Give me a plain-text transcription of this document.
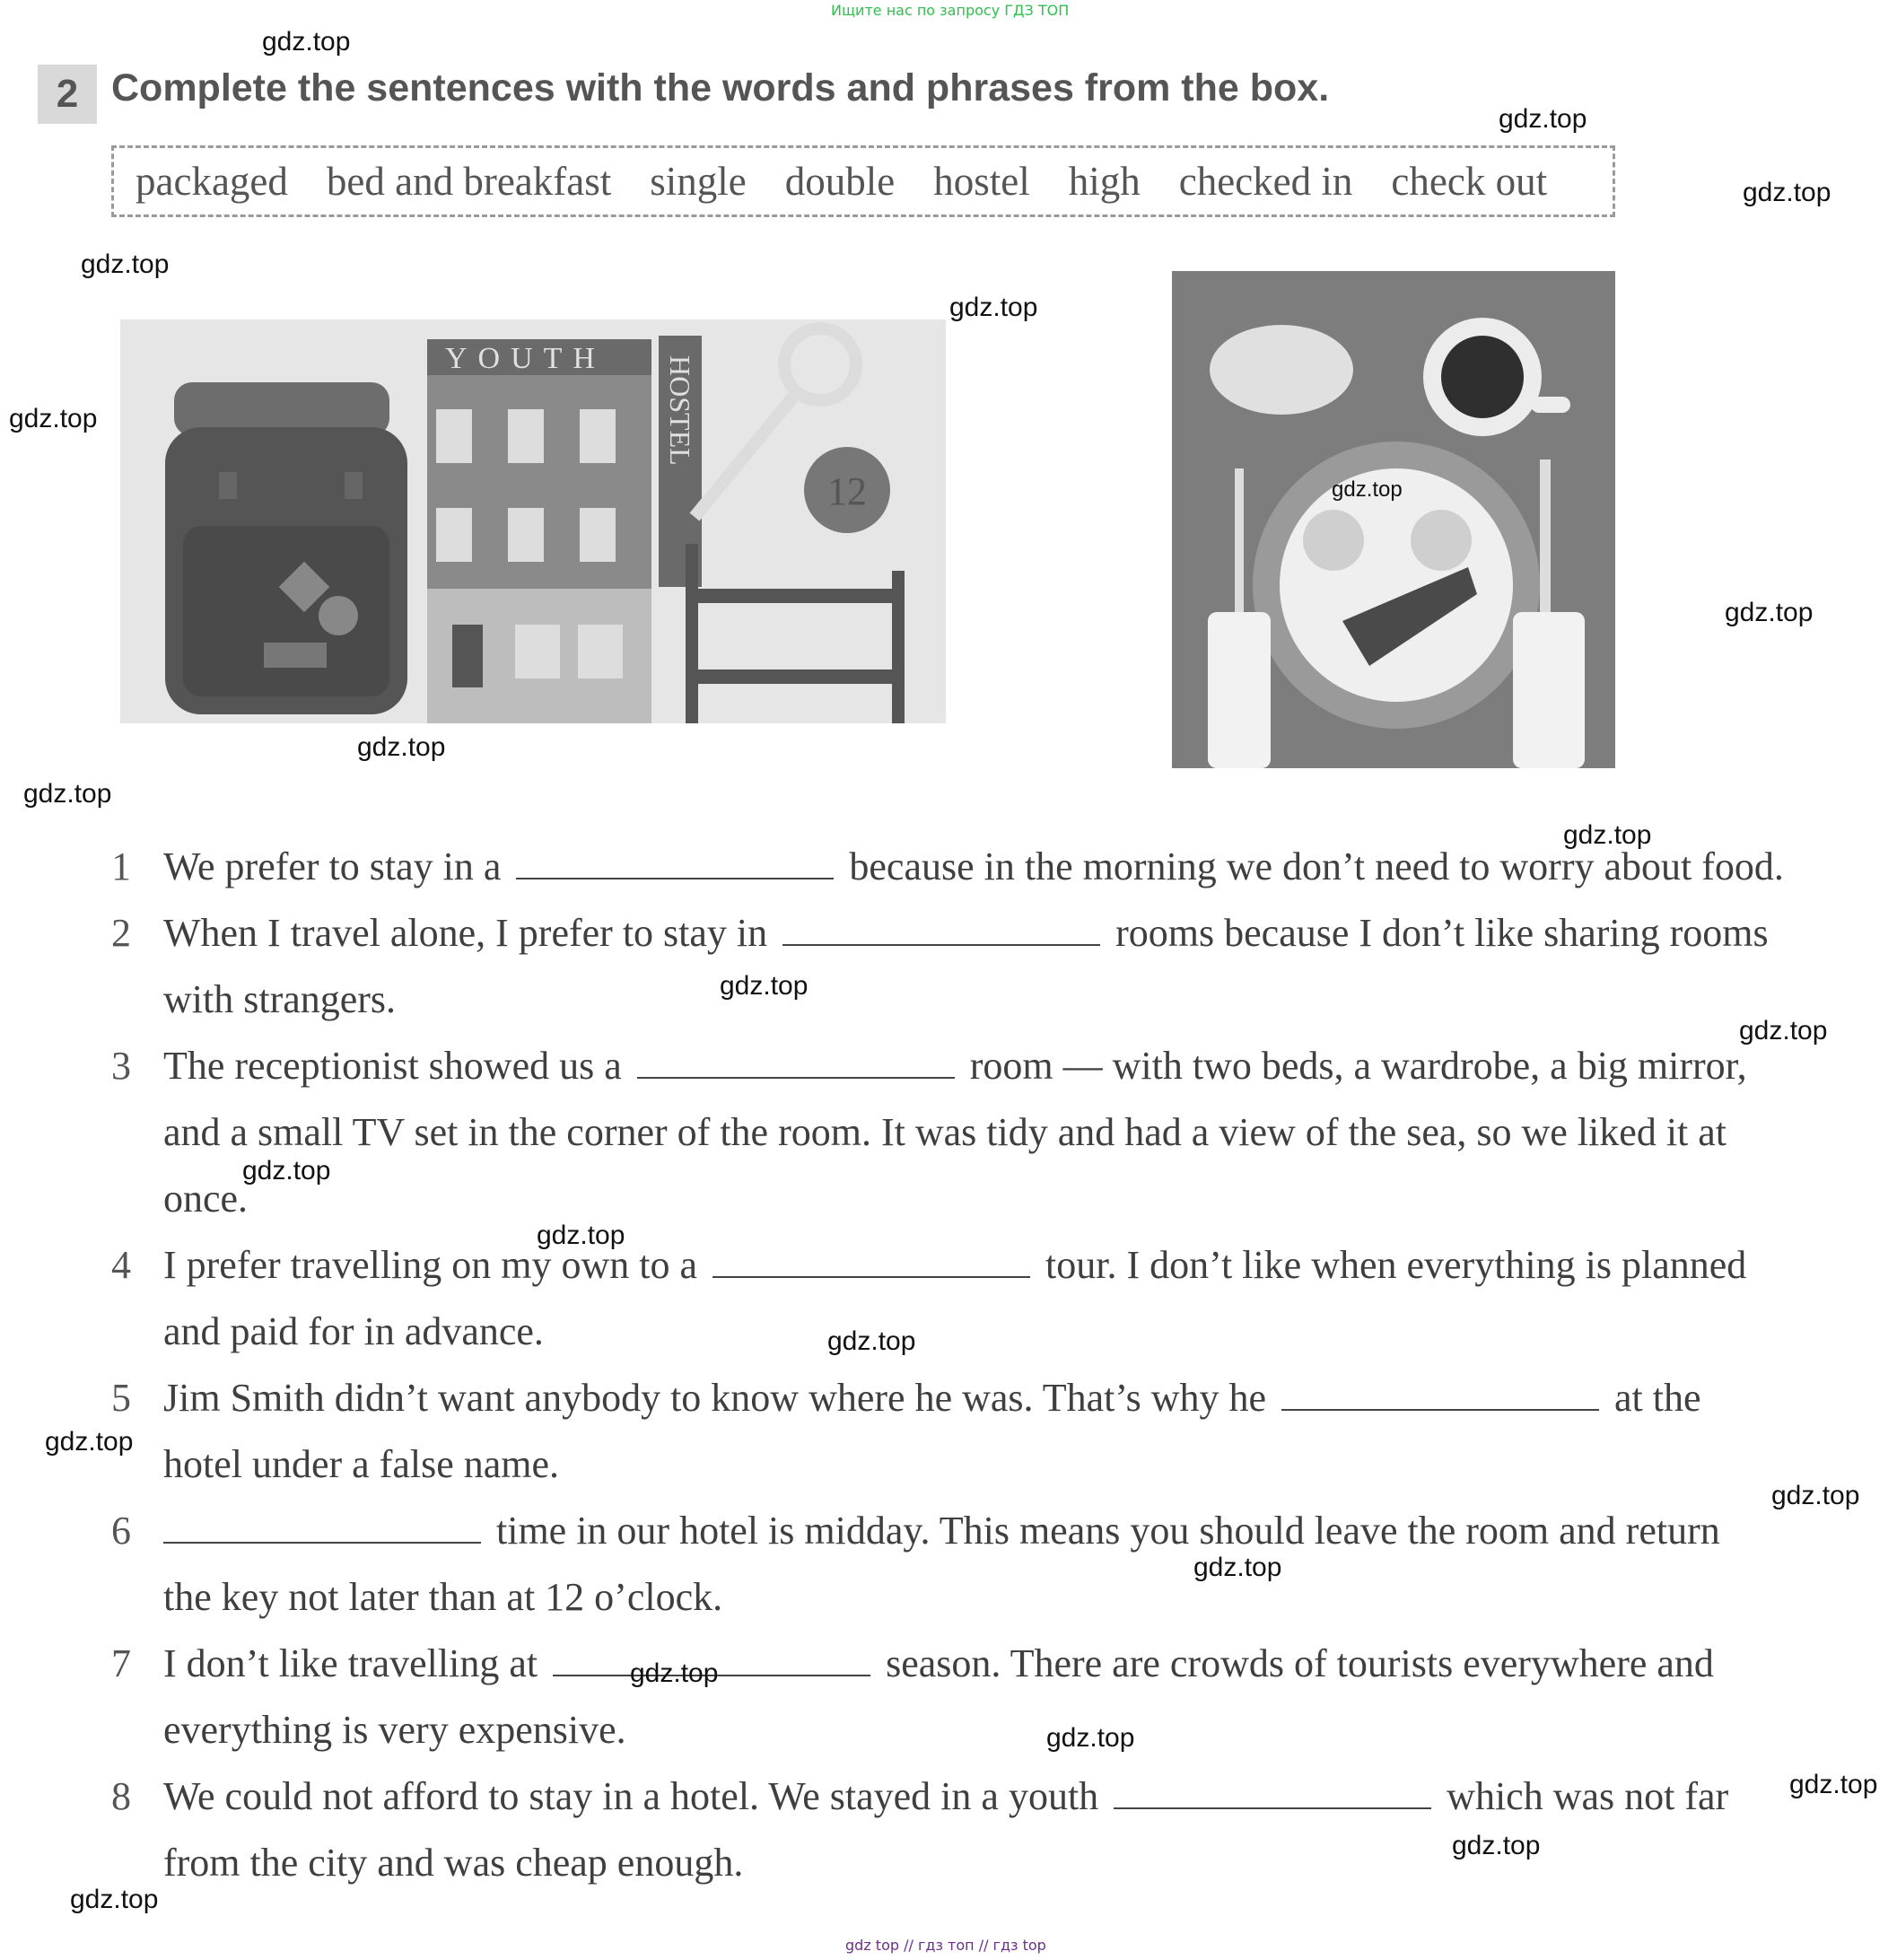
Ищите нас по запросу ГДЗ ТОП
2 Complete the sentences with the words and phrases from the box.
packaged bed and breakfast single double hostel high checked in check out
YOUTH HOSTEL
12
1 We prefer to stay in a	because in the morning we don’t need to worry about food.
2 When I travel alone, I prefer to stay in	rooms because I don’t like sharing rooms
with strangers.
3 The receptionist showed us a	room — with two beds, a wardrobe, a big mirror,
and a small TV set in the corner of the room. It was tidy and had a view of the sea, so we liked it at
once.
4 I prefer travelling on my own to a	tour. I don’t like when everything is planned
and paid for in advance.
5 Jim Smith didn’t want anybody to know where he was. That’s why he	at the
hotel under a false name.
6	time in our hotel is midday. This means you should leave the room and return
the key not later than at 12 o’clock.
7 I don’t like travelling at	season. There are crowds of tourists everywhere and
everything is very expensive.
8 We could not afford to stay in a hotel. We stayed in a youth	which was not far
from the city and was cheap enough.
gdz.top
gdz.top
gdz.top
gdz.top
gdz.top
gdz.top
gdz.top
gdz.top
gdz.top
gdz.top
gdz.top
gdz.top
gdz.top
gdz.top
gdz.top
gdz.top
gdz.top
gdz.top
gdz.top
gdz.top
gdz.top
gdz.top
gdz.top
gdz.top
gdz top // гдз топ // гдз top
